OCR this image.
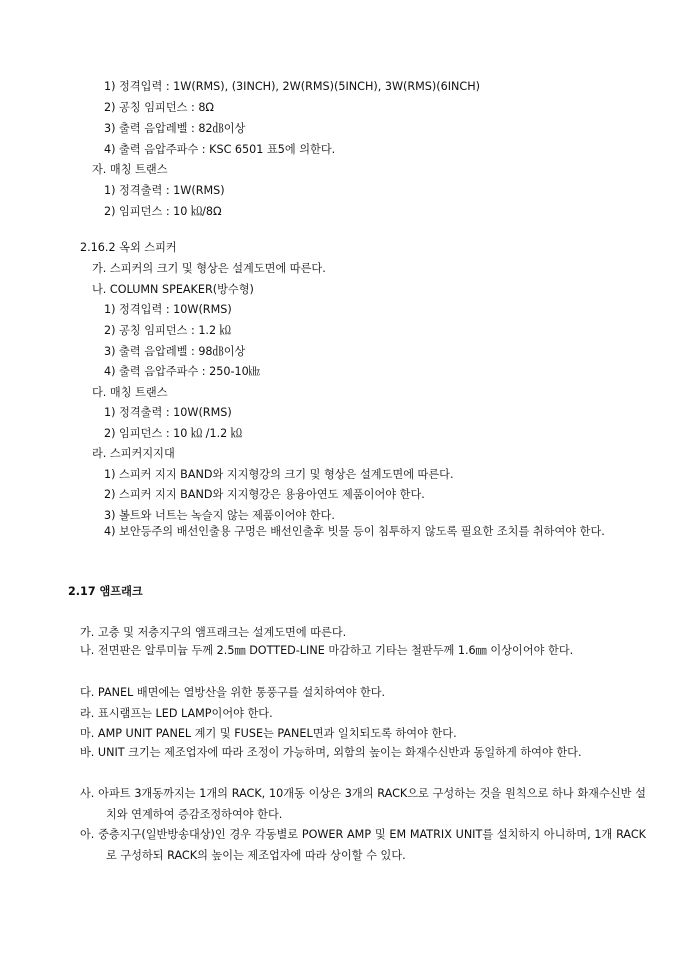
1) 정격입력 : 1W(RMS), (3INCH), 2W(RMS)(5INCH), 3W(RMS)(6INCH)
2) 공칭 임피던스 : 8Ω
3) 출력 음압레벨 : 82㏈이상
4) 출력 음압주파수 : KSC 6501 표5에 의한다.
자. 매칭 트랜스
1) 정격출력 : 1W(RMS)
2) 임피던스 : 10 ㏀/8Ω
2.16.2 옥외 스피커
가. 스피커의 크기 및 형상은 설계도면에 따른다.
나. COLUMN SPEAKER(방수형)
1) 정격입력 : 10W(RMS)
2) 공칭 임피던스 : 1.2 ㏀
3) 출력 음압레벨 : 98㏈이상
4) 출력 음압주파수 : 250-10㎑
다. 매칭 트랜스
1) 정격출력 : 10W(RMS)
2) 임피던스 : 10 ㏀ /1.2 ㏀
라. 스피커지지대
1) 스피커 지지 BAND와 지지형강의 크기 및 형상은 설계도면에 따른다.
2) 스피커 지지 BAND와 지지형강은 용융아연도 제품이어야 한다.
3) 볼트와 너트는 녹슬지 않는 제품이어야 한다.
4) 보안등주의 배선인출용 구멍은 배선인출후 빗물 등이 침투하지 않도록 필요한 조치를 취하여야 한다.
2.17 앰프래크
가. 고층 및 저층지구의 앰프래크는 설계도면에 따른다.
나. 전면판은 알루미늄 두께 2.5㎜ DOTTED-LINE 마감하고 기타는 철판두께 1.6㎜ 이상이어야 한다.
다. PANEL 배면에는 열방산을 위한 통풍구를 설치하여야 한다.
라. 표시램프는 LED LAMP이어야 한다.
마. AMP UNIT PANEL 계기 및 FUSE는 PANEL면과 일치되도록 하여야 한다.
바. UNIT 크기는 제조업자에 따라 조정이 가능하며, 외함의 높이는 화재수신반과 동일하게 하여야 한다.
사. 아파트 3개동까지는 1개의 RACK, 10개동 이상은 3개의 RACK으로 구성하는 것을 원칙으로 하나 화재수신반 설치와 연계하여 증감조정하여야 한다.
아. 중층지구(일반방송대상)인 경우 각동별로 POWER AMP 및 EM MATRIX UNIT를 설치하지 아니하며, 1개 RACK로 구성하되 RACK의 높이는 제조업자에 따라 상이할 수 있다.
